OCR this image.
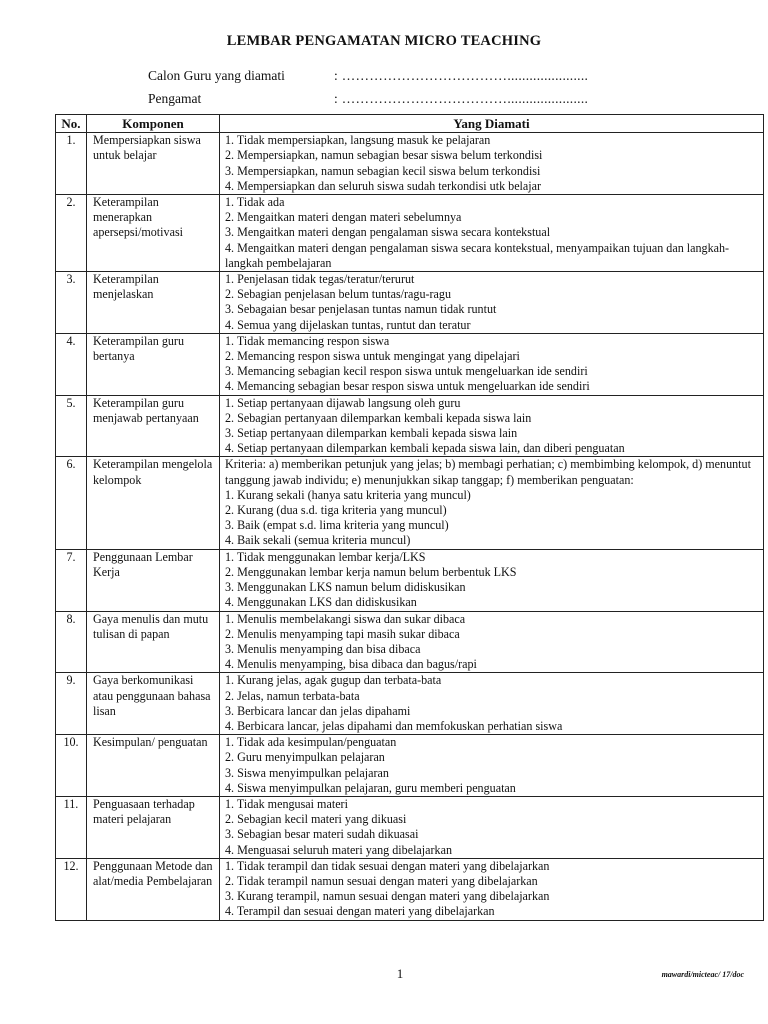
LEMBAR PENGAMATAN MICRO TEACHING
Calon Guru yang diamati	: ………………………………......................
Pengamat	: ………………………………......................
No.	Komponen	Yang Diamati
1.	Mempersiapkan siswa untuk belajar	1. Tidak mempersiapkan, langsung masuk ke pelajaran
2. Mempersiapkan, namun sebagian besar siswa belum terkondisi
3. Mempersiapkan, namun sebagian kecil siswa belum terkondisi
4. Mempersiapkan dan seluruh siswa sudah terkondisi utk belajar

2.	Keterampilan menerapkan apersepsi/motivasi	1. Tidak ada
2. Mengaitkan materi dengan materi sebelumnya
3. Mengaitkan materi dengan pengalaman siswa secara kontekstual
4. Mengaitkan materi dengan pengalaman siswa secara kontekstual, menyampaikan tujuan dan langkah-langkah pembelajaran

3.	Keterampilan menjelaskan	1. Penjelasan tidak tegas/teratur/terurut
2. Sebagian penjelasan belum tuntas/ragu-ragu
3. Sebagaian besar penjelasan tuntas namun tidak runtut
4. Semua yang dijelaskan tuntas, runtut dan teratur

4.	Keterampilan guru bertanya	1. Tidak memancing respon siswa
2. Memancing respon siswa untuk mengingat yang dipelajari
3. Memancing sebagian kecil respon siswa untuk mengeluarkan ide sendiri
4. Memancing sebagian besar respon siswa untuk mengeluarkan ide sendiri

5.	Keterampilan guru menjawab pertanyaan	1. Setiap pertanyaan dijawab langsung oleh guru
2. Sebagian pertanyaan dilemparkan kembali kepada siswa lain
3. Setiap pertanyaan dilemparkan kembali kepada siswa lain
4. Setiap pertanyaan dilemparkan kembali kepada siswa lain, dan diberi penguatan

6.	Keterampilan mengelola kelompok	Kriteria: a) memberikan petunjuk yang jelas; b) membagi perhatian; c) membimbing kelompok, d) menuntut tanggung jawab individu; e) menunjukkan sikap tanggap; f) memberikan penguatan:
1. Kurang sekali (hanya satu kriteria yang muncul)
2. Kurang (dua s.d. tiga kriteria yang muncul)
3. Baik (empat s.d. lima kriteria yang muncul)
4. Baik sekali (semua kriteria muncul)

7.	Penggunaan Lembar Kerja	1. Tidak menggunakan lembar kerja/LKS
2. Menggunakan lembar kerja namun belum berbentuk LKS
3. Menggunakan LKS namun belum didiskusikan
4. Menggunakan LKS dan didiskusikan

8.	Gaya menulis dan mutu tulisan di papan	1. Menulis membelakangi siswa dan sukar dibaca
2. Menulis menyamping tapi masih sukar dibaca
3. Menulis menyamping dan bisa dibaca
4. Menulis menyamping, bisa dibaca dan bagus/rapi

9.	Gaya berkomunikasi atau penggunaan bahasa lisan	1. Kurang jelas, agak gugup dan terbata-bata
2. Jelas, namun terbata-bata
3. Berbicara lancar dan jelas dipahami
4. Berbicara lancar, jelas dipahami dan memfokuskan perhatian siswa

10.	Kesimpulan/ penguatan	1. Tidak ada kesimpulan/penguatan
2. Guru menyimpulkan pelajaran
3. Siswa menyimpulkan pelajaran
4. Siswa menyimpulkan pelajaran, guru memberi penguatan

11.	Penguasaan terhadap materi pelajaran	1. Tidak mengusai materi
2. Sebagian kecil materi yang dikuasi
3. Sebagian besar materi sudah dikuasai
4. Menguasai seluruh materi yang dibelajarkan

12.	Penggunaan Metode dan alat/media Pembelajaran	1. Tidak terampil dan tidak sesuai dengan materi yang dibelajarkan
2. Tidak terampil namun sesuai dengan materi yang dibelajarkan
3. Kurang terampil, namun sesuai dengan materi yang dibelajarkan
4. Terampil dan sesuai dengan materi yang dibelajarkan
1	mawardi/micteac/ 17/doc
